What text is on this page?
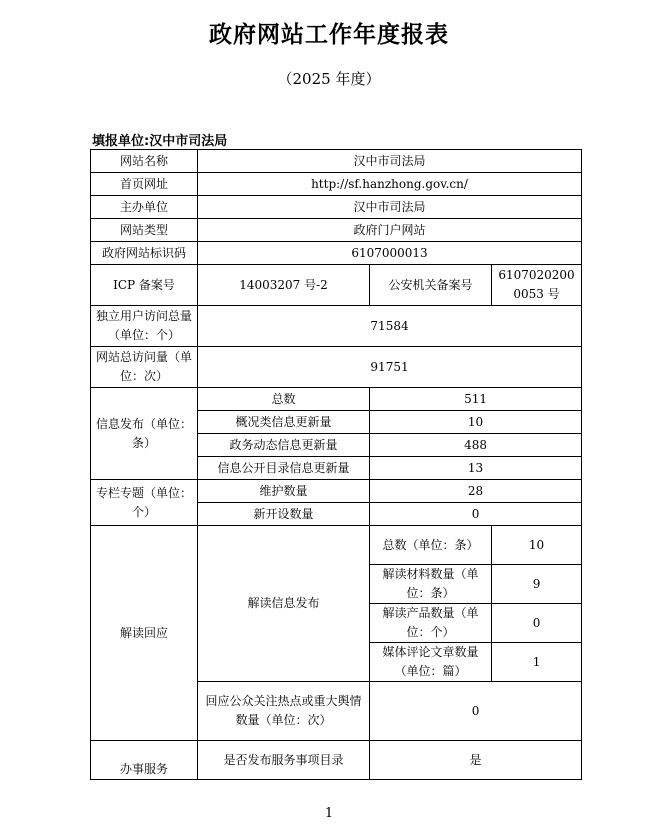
政府网站工作年度报表
（2025 年度）
填报单位:汉中市司法局
网站名称	汉中市司法局		
首页网址	http://sf.hanzhong.gov.cn/		
主办单位	汉中市司法局		
网站类型	政府门户网站		
政府网站标识码	6107000013		
ICP 备案号	14003207 号-2	公安机关备案号	61070202000053 号
独立用户访问总量（单位：个）	71584		
网站总访问量（单位：次）	91751		
信息发布（单位：条）	总数	511	
	概况类信息更新量	10	
	政务动态信息更新量	488	
	信息公开目录信息更新量	13	
专栏专题（单位：个）	维护数量	28	
	新开设数量	0	
解读回应	解读信息发布	总数（单位：条）	10
		解读材料数量（单位：条）	9
		解读产品数量（单位：个）	0
		媒体评论文章数量（单位：篇）	1
	回应公众关注热点或重大舆情数量（单位：次）	0	
办事服务	是否发布服务事项目录	是	
1
